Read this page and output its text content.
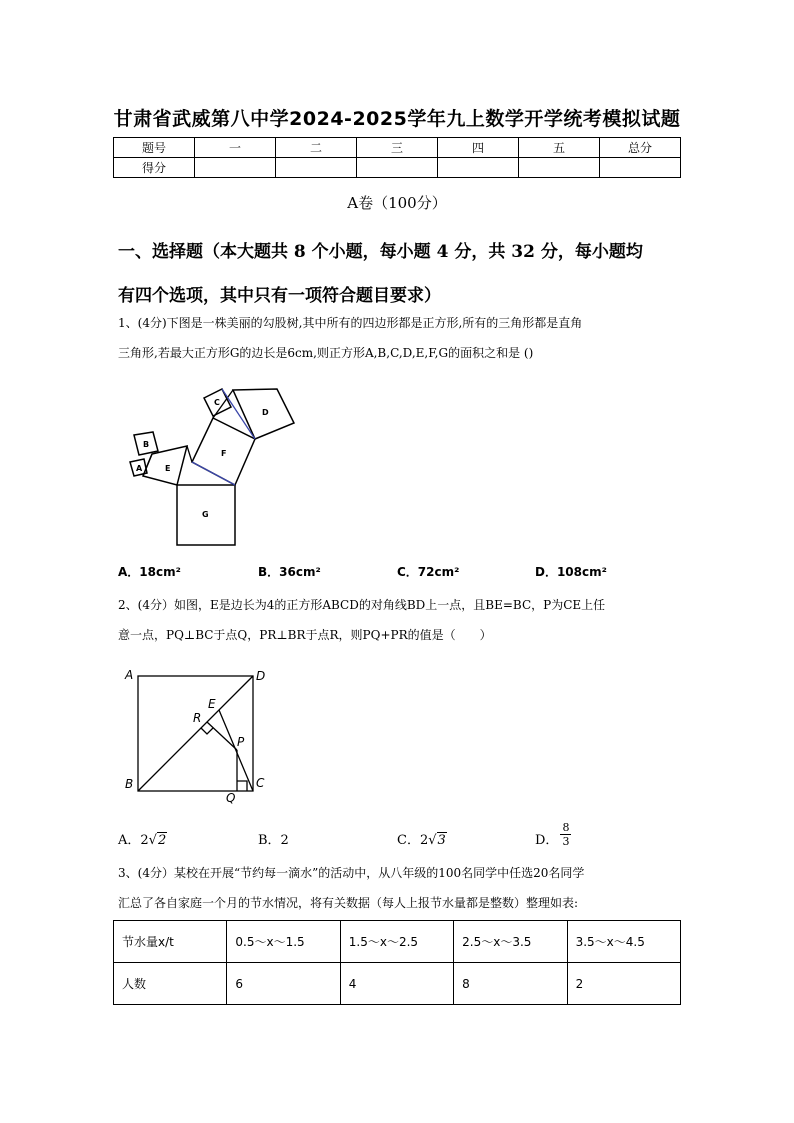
甘肃省武威第八中学2024-2025学年九上数学开学统考模拟试题
题号	一	二	三	四	五	总分
得分						
A卷（100分）
一、选择题（本大题共 8 个小题，每小题 4 分，共 32 分，每小题均
有四个选项，其中只有一项符合题目要求）
1、(4分)下图是一株美丽的勾股树,其中所有的四边形都是正方形,所有的三角形都是直角
三角形,若最大正方形G的边长是6cm,则正方形A,B,C,D,E,F,G的面积之和是 ()
G
E
A
B
F
C
D
A．18cm²	B．36cm²	C．72cm²	D．108cm²
2、(4分）如图，E是边长为4的正方形ABCD的对角线BD上一点，且BE=BC，P为CE上任
意一点，PQ⊥BC于点Q，PR⊥BR于点R，则PQ+PR的值是（　　）
A	D
B	C
E
R
P
Q
A．2√2	B．2	C．2√3	D． $\frac{8}{3}$
3、(4分）某校在开展“节约每一滴水”的活动中，从八年级的100名同学中任选20名同学
汇总了各自家庭一个月的节水情况，将有关数据（每人上报节水量都是整数）整理如表:
节水量x/t	0.5～x～1.5	1.5～x～2.5	2.5～x～3.5	3.5～x～4.5
人数	6	4	8	2
